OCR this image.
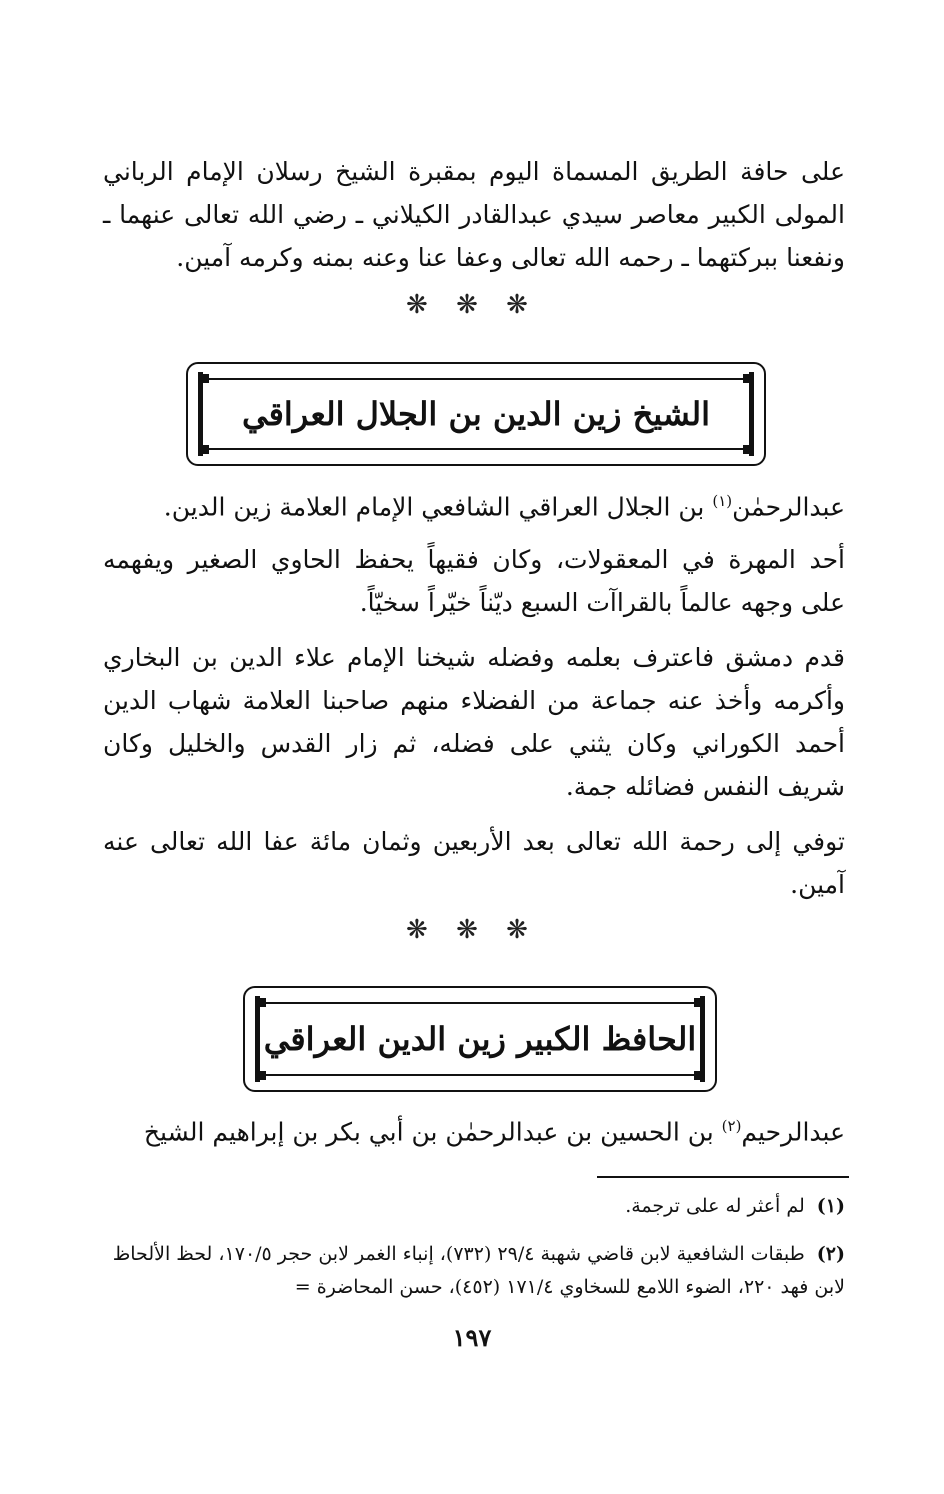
على حافة الطريق المسماة اليوم بمقبرة الشيخ رسلان الإمام الرباني المولى الكبير معاصر سيدي عبدالقادر الكيلاني ـ رضي الله تعالى عنهما ـ ونفعنا ببركتهما ـ رحمه الله تعالى وعفا عنا وعنه بمنه وكرمه آمين.

❋ ❋ ❋
الشيخ زين الدين بن الجلال العراقي

عبدالرحمٰن$^{(١)}$ بن الجلال العراقي الشافعي الإمام العلامة زين الدين.

أحد المهرة في المعقولات، وكان فقيهاً يحفظ الحاوي الصغير ويفهمه على وجهه عالماً بالقراآت السبع ديّناً خيّراً سخيّاً.

قدم دمشق فاعترف بعلمه وفضله شيخنا الإمام علاء الدين بن البخاري وأكرمه وأخذ عنه جماعة من الفضلاء منهم صاحبنا العلامة شهاب الدين أحمد الكوراني وكان يثني على فضله، ثم زار القدس والخليل وكان شريف النفس فضائله جمة.

توفي إلى رحمة الله تعالى بعد الأربعين وثمان مائة عفا الله تعالى عنه آمين.

❋ ❋ ❋
الحافظ الكبير زين الدين العراقي

عبدالرحيم$^{(٢)}$ بن الحسين بن عبدالرحمٰن بن أبي بكر بن إبراهيم الشيخ

(١)لم أعثر له على ترجمة.
(٢)طبقات الشافعية لابن قاضي شهبة ٢٩/٤ (٧٣٢)، إنباء الغمر لابن حجر ١٧٠/٥، لحظ الألحاظ لابن فهد ٢٢٠، الضوء اللامع للسخاوي ١٧١/٤ (٤٥٢)، حسن المحاضرة =
١٩٧
